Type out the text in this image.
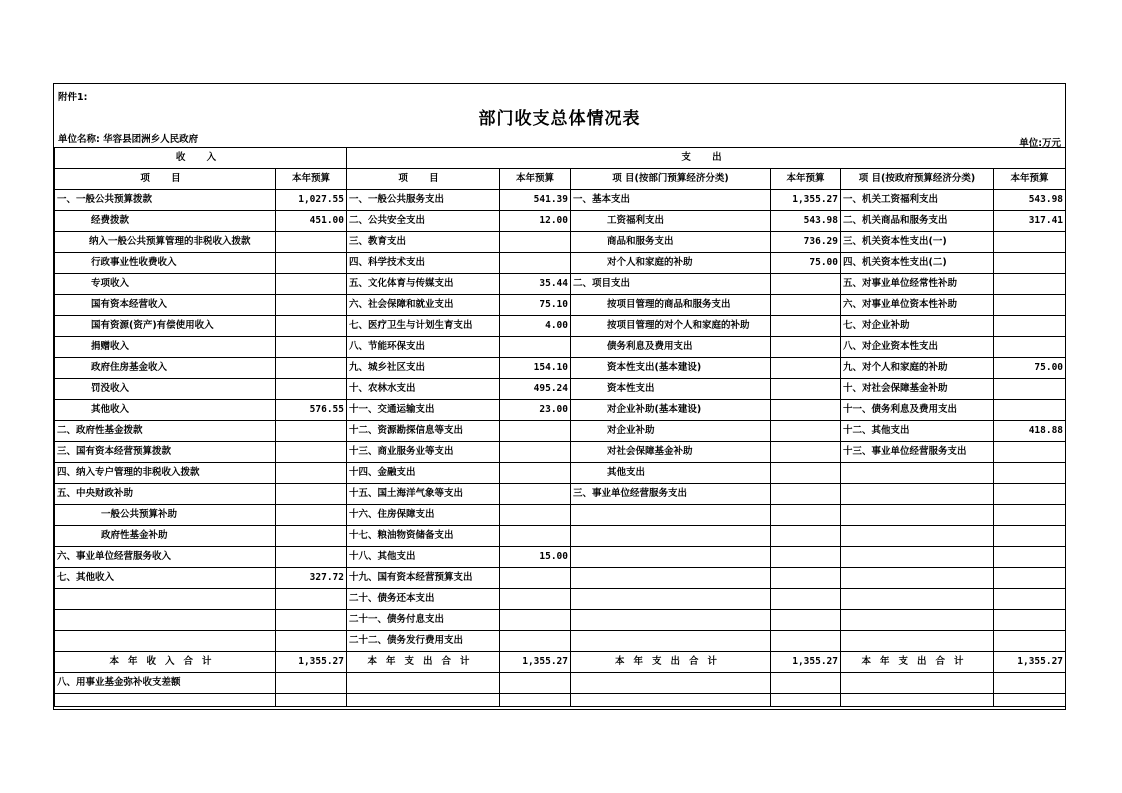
附件1:
部门收支总体情况表
单位名称: 华容县团洲乡人民政府	单位:万元
收 入		支 出					
项 目	本年预算	项 目	本年预算	项 目(按部门预算经济分类)	本年预算	项 目(按政府预算经济分类)	本年预算
一、一般公共预算拨款	1,027.55	一、一般公共服务支出	541.39	一、基本支出	1,355.27	一、机关工资福利支出	543.98
经费拨款	451.00	二、公共安全支出	12.00	工资福利支出	543.98	二、机关商品和服务支出	317.41
纳入一般公共预算管理的非税收入拨款		三、教育支出		商品和服务支出	736.29	三、机关资本性支出(一)	
行政事业性收费收入		四、科学技术支出		对个人和家庭的补助	75.00	四、机关资本性支出(二)	
专项收入		五、文化体育与传媒支出	35.44	二、项目支出		五、对事业单位经常性补助	
国有资本经营收入		六、社会保障和就业支出	75.10	按项目管理的商品和服务支出		六、对事业单位资本性补助	
国有资源(资产)有偿使用收入		七、医疗卫生与计划生育支出	4.00	按项目管理的对个人和家庭的补助		七、对企业补助	
捐赠收入		八、节能环保支出		债务利息及费用支出		八、对企业资本性支出	
政府住房基金收入		九、城乡社区支出	154.10	资本性支出(基本建设)		九、对个人和家庭的补助	75.00
罚没收入		十、农林水支出	495.24	资本性支出		十、对社会保障基金补助	
其他收入	576.55	十一、交通运输支出	23.00	对企业补助(基本建设)		十一、债务利息及费用支出	
二、政府性基金拨款		十二、资源勘探信息等支出		对企业补助		十二、其他支出	418.88
三、国有资本经营预算拨款		十三、商业服务业等支出		对社会保障基金补助		十三、事业单位经营服务支出	
四、纳入专户管理的非税收入拨款		十四、金融支出		其他支出			
五、中央财政补助		十五、国土海洋气象等支出		三、事业单位经营服务支出			
一般公共预算补助		十六、住房保障支出					
政府性基金补助		十七、粮油物资储备支出					
六、事业单位经营服务收入		十八、其他支出	15.00				
七、其他收入	327.72	十九、国有资本经营预算支出					
		二十、债务还本支出					
		二十一、债务付息支出					
		二十二、债务发行费用支出					
本年收入合计	1,355.27	本年支出合计	1,355.27	本年支出合计	1,355.27	本年支出合计	1,355.27
八、用事业基金弥补收支差额							
